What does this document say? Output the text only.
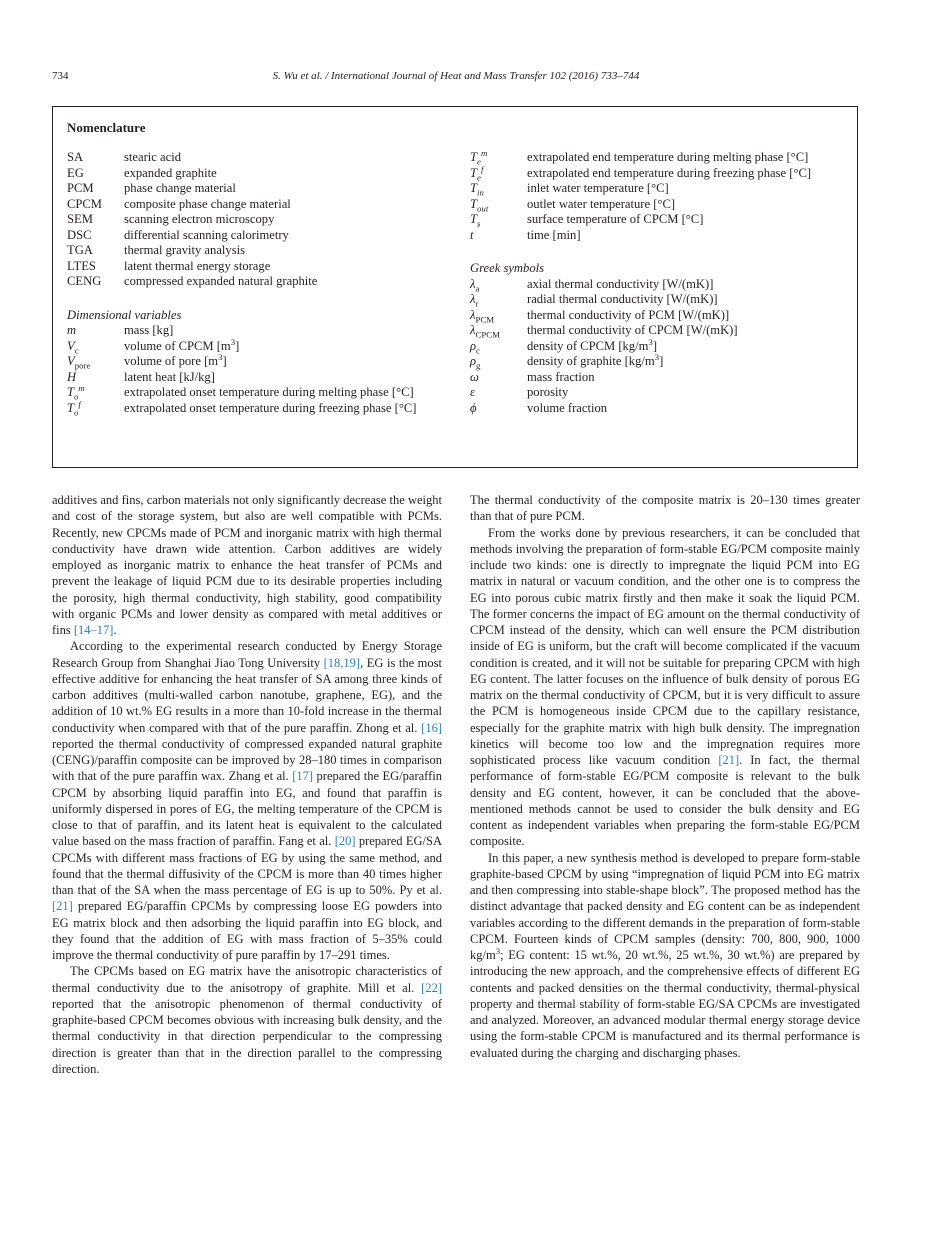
734	S. Wu et al. / International Journal of Heat and Mass Transfer 102 (2016) 733–744
Nomenclature
SA	stearic acid
EG	expanded graphite
PCM	phase change material
CPCM	composite phase change material
SEM	scanning electron microscopy
DSC	differential scanning calorimetry
TGA	thermal gravity analysis
LTES	latent thermal energy storage
CENG	compressed expanded natural graphite
Dimensional variables
m	mass [kg]
$V_c$	volume of CPCM $[m^3]$
$V_{pore}$	volume of pore $[m^3]$
H	latent heat [kJ/kg]
$T_o^m$	extrapolated onset temperature during melting phase [°C]
$T_o^f$	extrapolated onset temperature during freezing phase [°C]
$T_e^m$	extrapolated end temperature during melting phase [°C]
$T_e^f$	extrapolated end temperature during freezing phase [°C]
$T_{in}$	inlet water temperature [°C]
$T_{out}$	outlet water temperature [°C]
$T_s$	surface temperature of CPCM [°C]
t	time [min]
Greek symbols
$\lambda_a$	axial thermal conductivity [W/(mK)]
$\lambda_r$	radial thermal conductivity [W/(mK)]
$\lambda_{PCM}$	thermal conductivity of PCM [W/(mK)]
$\lambda_{CPCM}$	thermal conductivity of CPCM [W/(mK)]
$\rho_c$	density of CPCM $[kg/m^3]$
$\rho_g$	density of graphite $[kg/m^3]$
ω	mass fraction
ε	porosity
ϕ	volume fraction

additives and fins, carbon materials not only significantly decrease the weight and cost of the storage system, but also are well compatible with PCMs. Recently, new CPCMs made of PCM and inorganic matrix with high thermal conductivity have drawn wide attention. Carbon additives are widely employed as inorganic matrix to enhance the heat transfer of PCMs and prevent the leakage of liquid PCM due to its desirable properties including the porosity, high thermal conductivity, high stability, good compatibility with organic PCMs and lower density as compared with metal additives or fins [14–17].

According to the experimental research conducted by Energy Storage Research Group from Shanghai Jiao Tong University [18,19], EG is the most effective additive for enhancing the heat transfer of SA among three kinds of carbon additives (multi-walled carbon nanotube, graphene, EG), and the addition of 10 wt.% EG results in a more than 10-fold increase in the thermal conductivity when compared with that of the pure paraffin. Zhong et al. [16] reported the thermal conductivity of compressed expanded natural graphite (CENG)/paraffin composite can be improved by 28–180 times in comparison with that of the pure paraffin wax. Zhang et al. [17] prepared the EG/paraffin CPCM by absorbing liquid paraffin into EG, and found that paraffin is uniformly dispersed in pores of EG, the melting temperature of the CPCM is close to that of paraffin, and its latent heat is equivalent to the calculated value based on the mass fraction of paraffin. Fang et al. [20] prepared EG/SA CPCMs with different mass fractions of EG by using the same method, and found that the thermal diffusivity of the CPCM is more than 40 times higher than that of the SA when the mass percentage of EG is up to 50%. Py et al. [21] prepared EG/paraffin CPCMs by compressing loose EG powders into EG matrix block and then adsorbing the liquid paraffin into EG block, and they found that the addition of EG with mass fraction of 5–35% could improve the thermal conductivity of pure paraffin by 17–291 times.

The CPCMs based on EG matrix have the anisotropic characteristics of thermal conductivity due to the anisotropy of graphite. Mill et al. [22] reported that the anisotropic phenomenon of thermal conductivity of graphite-based CPCM becomes obvious with increasing bulk density, and the thermal conductivity in that direction perpendicular to the compressing direction is greater than that in the direction parallel to the compressing direction.

The thermal conductivity of the composite matrix is 20–130 times greater than that of pure PCM.

From the works done by previous researchers, it can be concluded that methods involving the preparation of form-stable EG/PCM composite mainly include two kinds: one is directly to impregnate the liquid PCM into EG matrix in natural or vacuum condition, and the other one is to compress the EG into porous cubic matrix firstly and then make it soak the liquid PCM. The former concerns the impact of EG amount on the thermal conductivity of CPCM instead of the density, which can well ensure the PCM distribution inside of EG is uniform, but the craft will become complicated if the vacuum condition is created, and it will not be suitable for preparing CPCM with high EG content. The latter focuses on the influence of bulk density of porous EG matrix on the thermal conductivity of CPCM, but it is very difficult to assure the PCM is homogeneous inside CPCM due to the capillary resistance, especially for the graphite matrix with high bulk density. The impregnation kinetics will become too low and the impregnation requires more sophisticated process like vacuum condition [21]. In fact, the thermal performance of form-stable EG/PCM composite is relevant to the bulk density and EG content, however, it can be concluded that the above-mentioned methods cannot be used to consider the bulk density and EG content as independent variables when preparing the form-stable EG/PCM composite.

In this paper, a new synthesis method is developed to prepare form-stable graphite-based CPCM by using “impregnation of liquid PCM into EG matrix and then compressing into stable-shape block”. The proposed method has the distinct advantage that packed density and EG content can be as independent variables according to the different demands in the preparation of form-stable CPCM. Fourteen kinds of CPCM samples (density: 700, 800, 900, 1000 $kg/m^3$; EG content: 15 wt.%, 20 wt.%, 25 wt.%, 30 wt.%) are prepared by introducing the new approach, and the comprehensive effects of different EG contents and packed densities on the thermal conductivity, thermal-physical property and thermal stability of form-stable EG/SA CPCMs are investigated and analyzed. Moreover, an advanced modular thermal energy storage device using the form-stable CPCM is manufactured and its thermal performance is evaluated during the charging and discharging phases.
